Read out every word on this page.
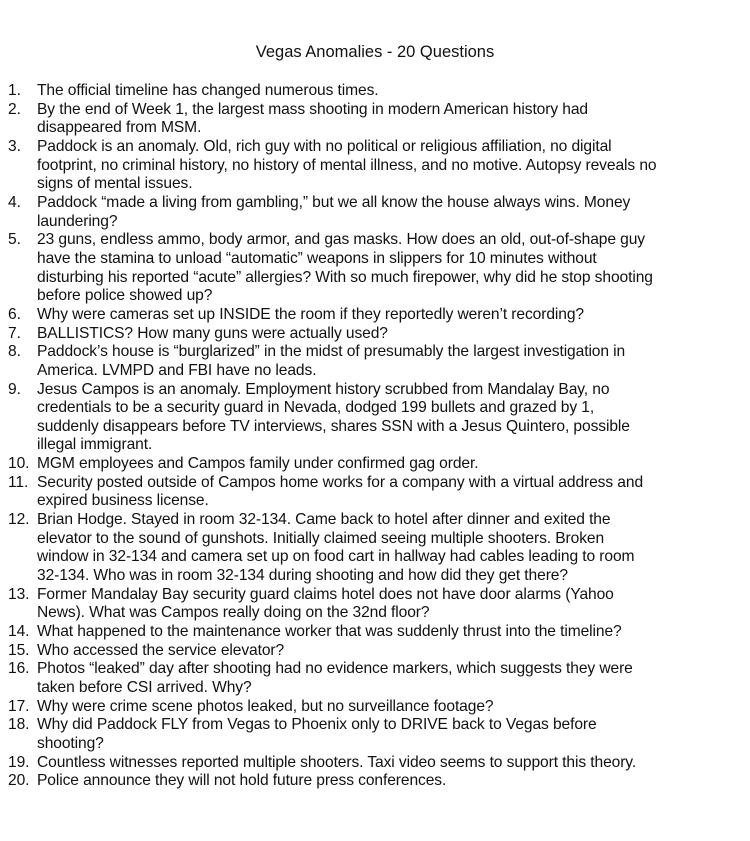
Vegas Anomalies - 20 Questions
1. The official timeline has changed numerous times.
2. By the end of Week 1, the largest mass shooting in modern American history had
disappeared from MSM.
3. Paddock is an anomaly. Old, rich guy with no political or religious affiliation, no digital
footprint, no criminal history, no history of mental illness, and no motive. Autopsy reveals no
signs of mental issues.
4. Paddock “made a living from gambling,” but we all know the house always wins. Money
laundering?
5. 23 guns, endless ammo, body armor, and gas masks. How does an old, out-of-shape guy
have the stamina to unload “automatic” weapons in slippers for 10 minutes without
disturbing his reported “acute” allergies? With so much firepower, why did he stop shooting
before police showed up?
6. Why were cameras set up INSIDE the room if they reportedly weren’t recording?
7. BALLISTICS? How many guns were actually used?
8. Paddock’s house is “burglarized” in the midst of presumably the largest investigation in
America. LVMPD and FBI have no leads.
9. Jesus Campos is an anomaly. Employment history scrubbed from Mandalay Bay, no
credentials to be a security guard in Nevada, dodged 199 bullets and grazed by 1,
suddenly disappears before TV interviews, shares SSN with a Jesus Quintero, possible
illegal immigrant.
10. MGM employees and Campos family under confirmed gag order.
11. Security posted outside of Campos home works for a company with a virtual address and
expired business license.
12. Brian Hodge. Stayed in room 32-134. Came back to hotel after dinner and exited the
elevator to the sound of gunshots. Initially claimed seeing multiple shooters. Broken
window in 32-134 and camera set up on food cart in hallway had cables leading to room
32-134. Who was in room 32-134 during shooting and how did they get there?
13. Former Mandalay Bay security guard claims hotel does not have door alarms (Yahoo
News). What was Campos really doing on the 32nd floor?
14. What happened to the maintenance worker that was suddenly thrust into the timeline?
15. Who accessed the service elevator?
16. Photos “leaked” day after shooting had no evidence markers, which suggests they were
taken before CSI arrived. Why?
17. Why were crime scene photos leaked, but no surveillance footage?
18. Why did Paddock FLY from Vegas to Phoenix only to DRIVE back to Vegas before
shooting?
19. Countless witnesses reported multiple shooters. Taxi video seems to support this theory.
20. Police announce they will not hold future press conferences.
